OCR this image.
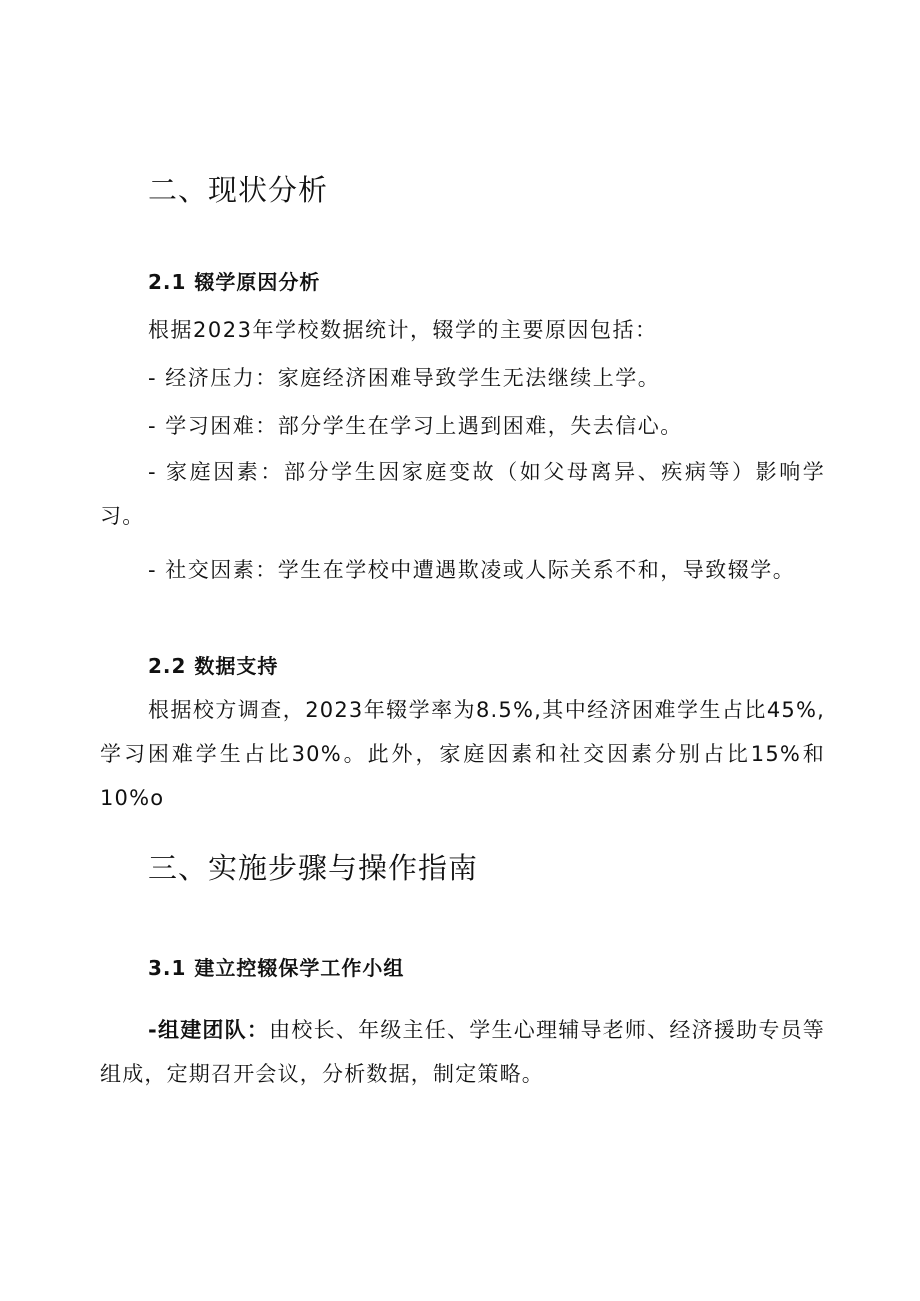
二、现状分析
2.1 辍学原因分析

根据2023年学校数据统计，辍学的主要原因包括：

- 经济压力：家庭经济困难导致学生无法继续上学。

- 学习困难：部分学生在学习上遇到困难，失去信心。

- 家庭因素：部分学生因家庭变故（如父母离异、疾病等）影响学习。

- 社交因素：学生在学校中遭遇欺凌或人际关系不和，导致辍学。

2.2 数据支持

根据校方调查，2023年辍学率为8.5%,其中经济困难学生占比45%,学习困难学生占比30%。此外，家庭因素和社交因素分别占比15%和10%o

三、实施步骤与操作指南
3.1 建立控辍保学工作小组

-组建团队：由校长、年级主任、学生心理辅导老师、经济援助专员等组成，定期召开会议，分析数据，制定策略。
